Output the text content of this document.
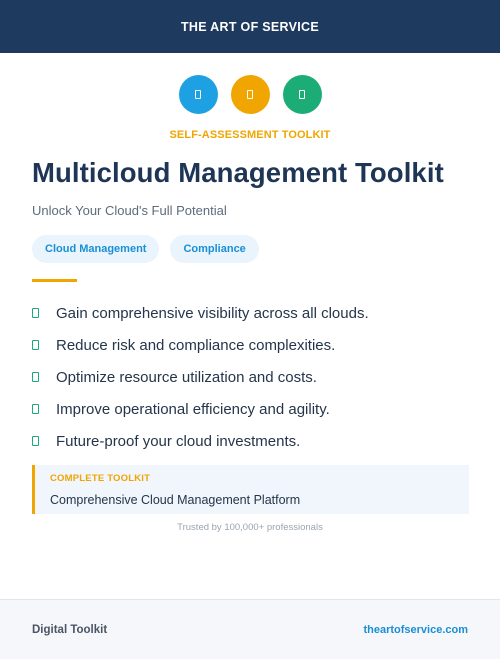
THE ART OF SERVICE
SELF-ASSESSMENT TOOLKIT
Multicloud Management Toolkit
Unlock Your Cloud's Full Potential
Cloud Management	Compliance
Gain comprehensive visibility across all clouds.
Reduce risk and compliance complexities.
Optimize resource utilization and costs.
Improve operational efficiency and agility.
Future-proof your cloud investments.
COMPLETE TOOLKIT
Comprehensive Cloud Management Platform
Trusted by 100,000+ professionals
Digital Toolkit	theartofservice.com
